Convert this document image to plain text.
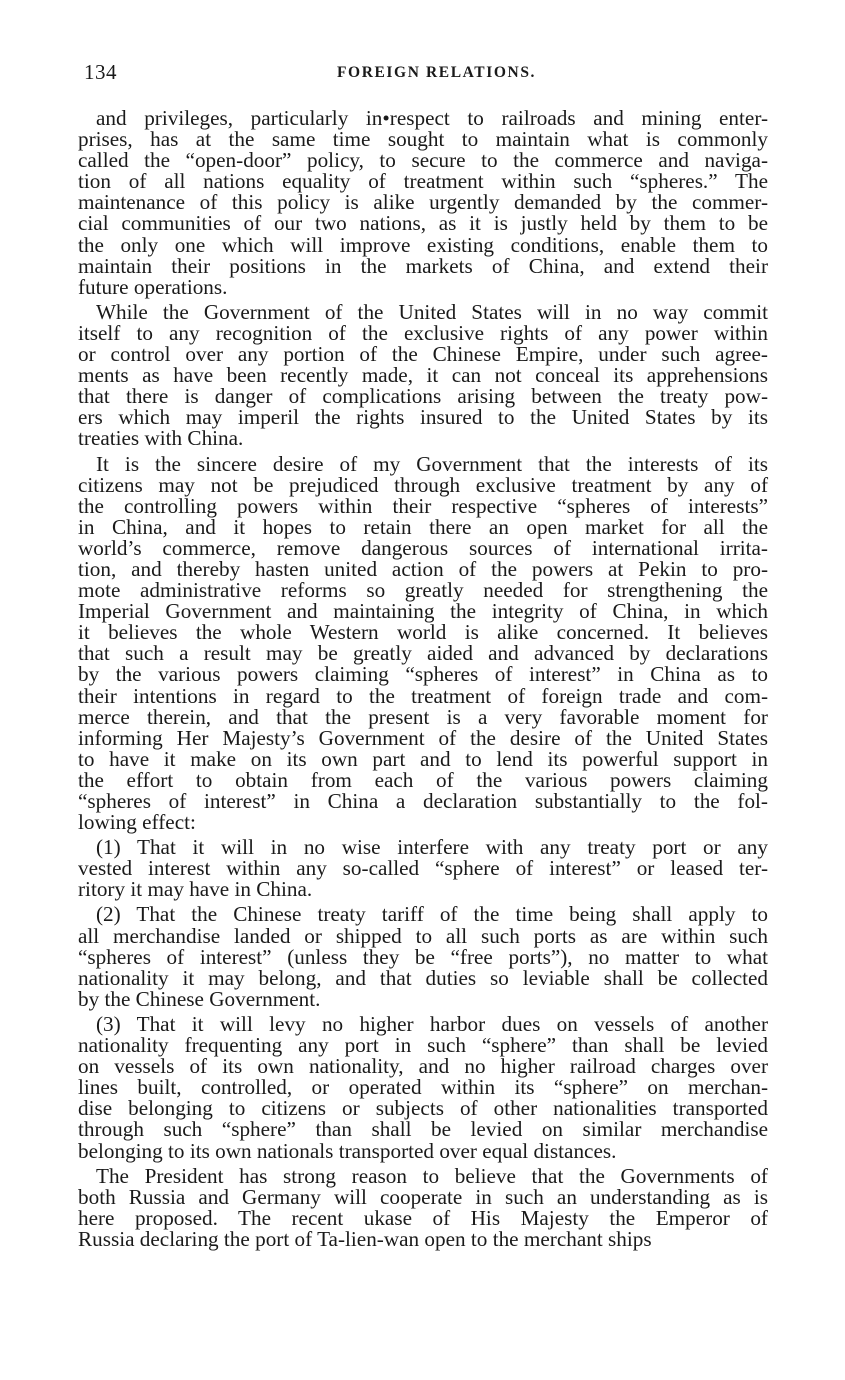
134	FOREIGN RELATIONS.
and privileges, particularly in•respect to railroads and mining enter-
prises, has at the same time sought to maintain what is commonly
called the “open-door” policy, to secure to the commerce and naviga-
tion of all nations equality of treatment within such “spheres.” The
maintenance of this policy is alike urgently demanded by the commer-
cial communities of our two nations, as it is justly held by them to be
the only one which will improve existing conditions, enable them to
maintain their positions in the markets of China, and extend their
future operations.
While the Government of the United States will in no way commit
itself to any recognition of the exclusive rights of any power within
or control over any portion of the Chinese Empire, under such agree-
ments as have been recently made, it can not conceal its apprehensions
that there is danger of complications arising between the treaty pow-
ers which may imperil the rights insured to the United States by its
treaties with China.
It is the sincere desire of my Government that the interests of its
citizens may not be prejudiced through exclusive treatment by any of
the controlling powers within their respective “spheres of interests”
in China, and it hopes to retain there an open market for all the
world’s commerce, remove dangerous sources of international irrita-
tion, and thereby hasten united action of the powers at Pekin to pro-
mote administrative reforms so greatly needed for strengthening the
Imperial Government and maintaining the integrity of China, in which
it believes the whole Western world is alike concerned. It believes
that such a result may be greatly aided and advanced by declarations
by the various powers claiming “spheres of interest” in China as to
their intentions in regard to the treatment of foreign trade and com-
merce therein, and that the present is a very favorable moment for
informing Her Majesty’s Government of the desire of the United States
to have it make on its own part and to lend its powerful support in
the effort to obtain from each of the various powers claiming
“spheres of interest” in China a declaration substantially to the fol-
lowing effect:
(1) That it will in no wise interfere with any treaty port or any
vested interest within any so-called “sphere of interest” or leased ter-
ritory it may have in China.
(2) That the Chinese treaty tariff of the time being shall apply to
all merchandise landed or shipped to all such ports as are within such
“spheres of interest” (unless they be “free ports”), no matter to what
nationality it may belong, and that duties so leviable shall be collected
by the Chinese Government.
(3) That it will levy no higher harbor dues on vessels of another
nationality frequenting any port in such “sphere” than shall be levied
on vessels of its own nationality, and no higher railroad charges over
lines built, controlled, or operated within its “sphere” on merchan-
dise belonging to citizens or subjects of other nationalities transported
through such “sphere” than shall be levied on similar merchandise
belonging to its own nationals transported over equal distances.
The President has strong reason to believe that the Governments of
both Russia and Germany will cooperate in such an understanding as is
here proposed. The recent ukase of His Majesty the Emperor of
Russia declaring the port of Ta-lien-wan open to the merchant ships
